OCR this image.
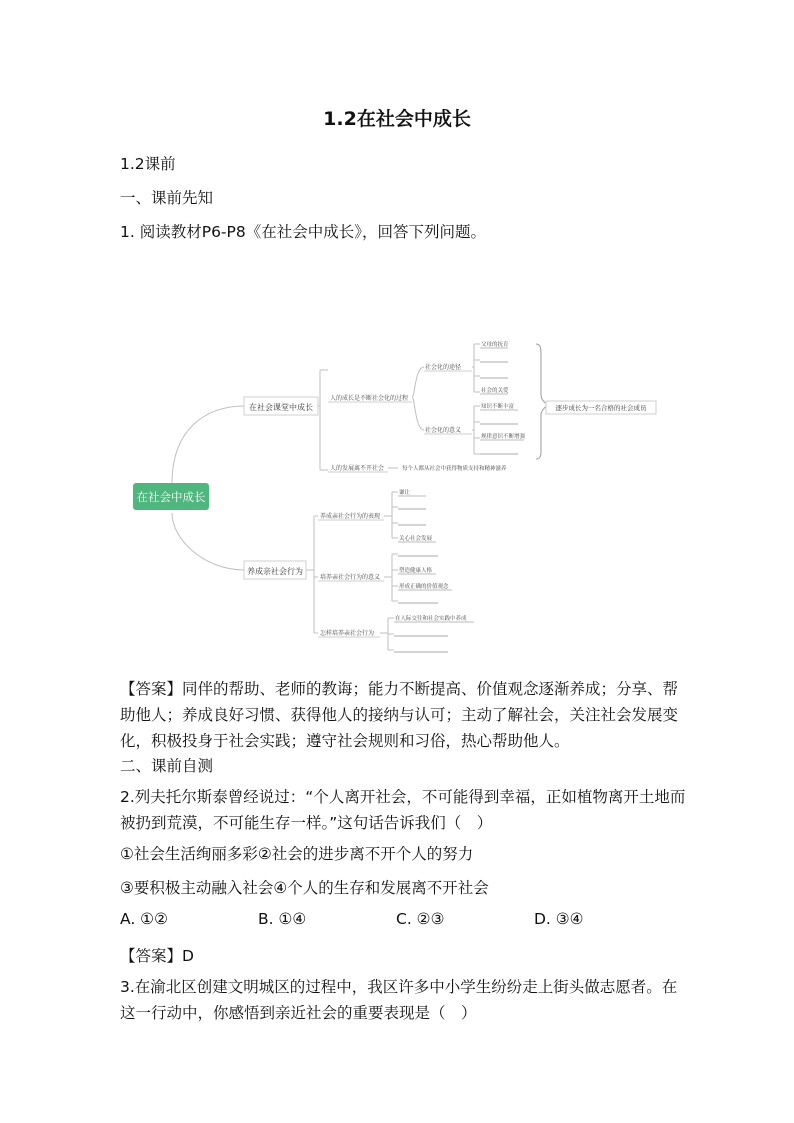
1.2在社会中成长

1.2课前

一、课前先知

1. 阅读教材P6-P8《在社会中成长》，回答下列问题。

在社会中成长
在社会课堂中成长
人的成长是不断社会化的过程
社会化的途径
社会化的意义
父母的抚育
社会的关爱
知识不断丰富
规律意识不断增强
逐步成长为一名合格的社会成员
人的发展离不开社会	每个人都从社会中获得物质支持和精神滋养
养成亲社会行为
养成亲社会行为的表现
培养亲社会行为的意义
怎样培养亲社会行为
谦让
关心社会发展
塑造健康人格
形成正确的价值观念
在人际交往和社会实践中养成

【答案】同伴的帮助、老师的教诲；能力不断提高、价值观念逐渐养成；分享、帮助他人；养成良好习惯、获得他人的接纳与认可；主动了解社会，关注社会发展变化，积极投身于社会实践；遵守社会规则和习俗，热心帮助他人。

二、课前自测

2.列夫托尔斯泰曾经说过：“个人离开社会，不可能得到幸福，正如植物离开土地而被扔到荒漠，不可能生存一样。”这句话告诉我们（　）

①社会生活绚丽多彩②社会的进步离不开个人的努力

③要积极主动融入社会④个人的生存和发展离不开社会

A. ①②	B. ①④	C. ②③	D. ③④

【答案】D

3.在渝北区创建文明城区的过程中，我区许多中小学生纷纷走上街头做志愿者。在这一行动中，你感悟到亲近社会的重要表现是（　）
